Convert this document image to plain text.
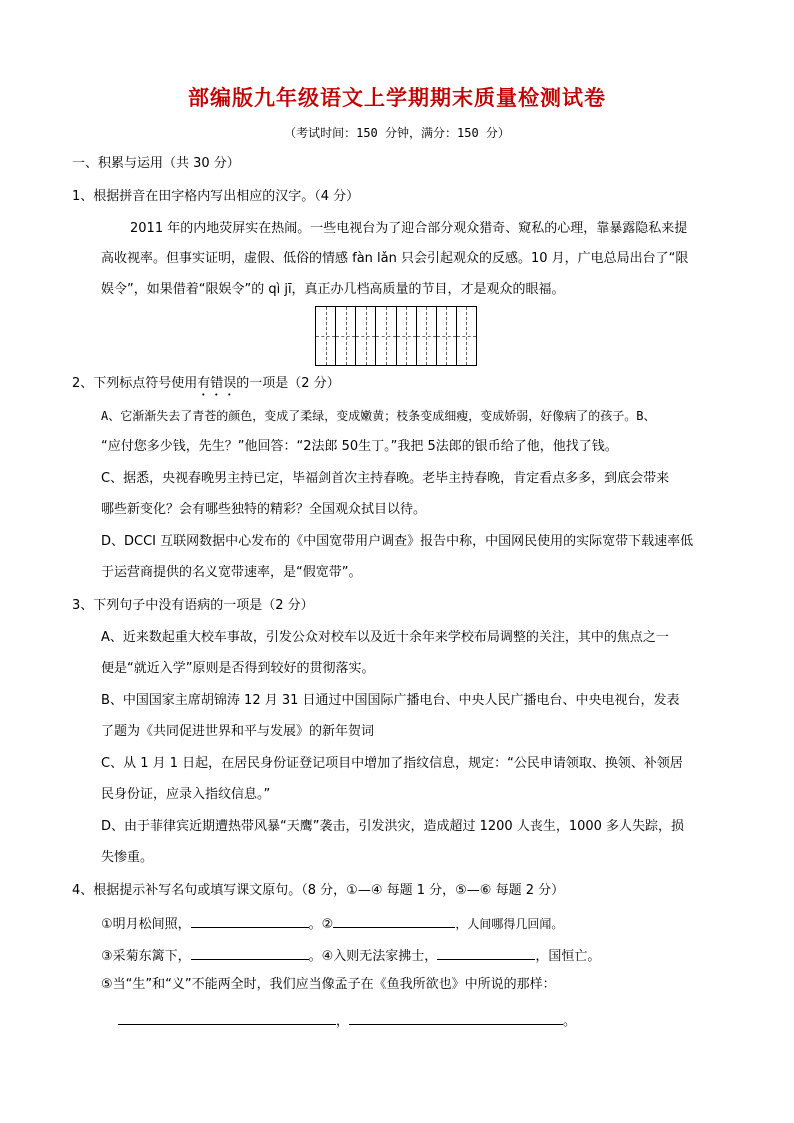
部编版九年级语文上学期期末质量检测试卷
（考试时间：150 分钟，满分：150 分）
一、积累与运用（共 30 分）
1、根据拼音在田字格内写出相应的汉字。（4 分）
2011 年的内地荧屏实在热闹。一些电视台为了迎合部分观众猎奇、窥私的心理，靠暴露隐私来提
高收视率。但事实证明，虚假、低俗的情感 fàn lǎn 只会引起观众的反感。10 月，广电总局出台了“限
娱令”，如果借着“限娱令”的 qì jī，真正办几档高质量的节目，才是观众的眼福。
2、下列标点符号使用有错误的一项是（2 分）
A、它渐渐失去了青苍的颜色，变成了柔绿，变成嫩黄；枝条变成细瘦，变成娇弱，好像病了的孩子。B、
“应付您多少钱，先生？”他回答：“2法郎 50生丁。”我把 5法郎的银币给了他，他找了钱。
C、据悉，央视春晚男主持已定，毕福剑首次主持春晚。老毕主持春晚，肯定看点多多，到底会带来
哪些新变化？会有哪些独特的精彩？全国观众拭目以待。
D、DCCI 互联网数据中心发布的《中国宽带用户调查》报告中称，中国网民使用的实际宽带下载速率低
于运营商提供的名义宽带速率，是“假宽带”。
3、下列句子中没有语病的一项是（2 分）
A、近来数起重大校车事故，引发公众对校车以及近十余年来学校布局调整的关注，其中的焦点之一
便是“就近入学”原则是否得到较好的贯彻落实。
B、中国国家主席胡锦涛 12 月 31 日通过中国国际广播电台、中央人民广播电台、中央电视台，发表
了题为《共同促进世界和平与发展》的新年贺词
C、从 1 月 1 日起，在居民身份证登记项目中增加了指纹信息，规定：“公民申请领取、换领、补领居
民身份证，应录入指纹信息。”
D、由于菲律宾近期遭热带风暴“天鹰”袭击，引发洪灾，造成超过 1200 人丧生，1000 多人失踪，损
失惨重。
4、根据提示补写名句或填写课文原句。（8 分，①—④ 每题 1 分，⑤—⑥ 每题 2 分）
①明月松间照，	。②	，人间哪得几回闻。
③采菊东篱下，	。④入则无法家拂士，	，国恒亡。
⑤当“生”和“义”不能两全时，我们应当像孟子在《鱼我所欲也》中所说的那样：
，	。
